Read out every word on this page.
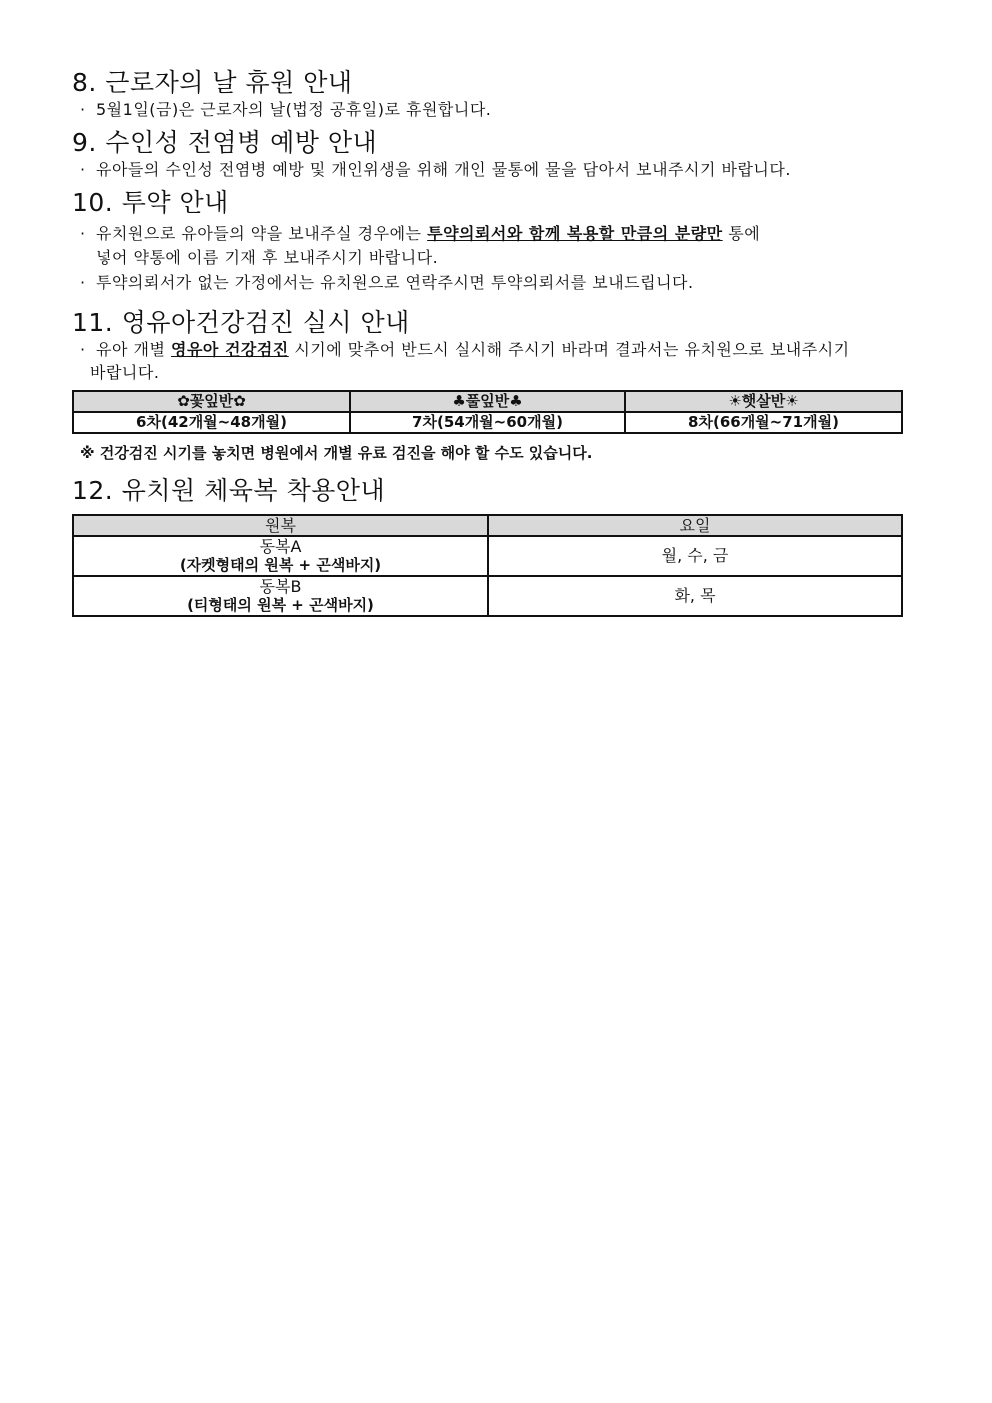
8. 근로자의 날 휴원 안내
· 5월1일(금)은 근로자의 날(법정 공휴일)로 휴원합니다.
9. 수인성 전염병 예방 안내
· 유아들의 수인성 전염병 예방 및 개인위생을 위해 개인 물통에 물을 담아서 보내주시기 바랍니다.
10. 투약 안내
· 유치원으로 유아들의 약을 보내주실 경우에는 투약의뢰서와 함께 복용할 만큼의 분량만 통에
넣어 약통에 이름 기재 후 보내주시기 바랍니다.
· 투약의뢰서가 없는 가정에서는 유치원으로 연락주시면 투약의뢰서를 보내드립니다.
11. 영유아건강검진 실시 안내
· 유아 개별 영유아 건강검진 시기에 맞추어 반드시 실시해 주시기 바라며 결과서는 유치원으로 보내주시기
바랍니다.
✿꽃잎반✿	♣풀잎반♣	☀햇살반☀
6차(42개월~48개월)	7차(54개월~60개월)	8차(66개월~71개월)
※ 건강검진 시기를 놓치면 병원에서 개별 유료 검진을 해야 할 수도 있습니다.
12. 유치원 체육복 착용안내
원복	요일

동복A
(자켓형태의 원복 + 곤색바지)	월, 수, 금

동복B
(티형태의 원복 + 곤색바지)	화, 목
